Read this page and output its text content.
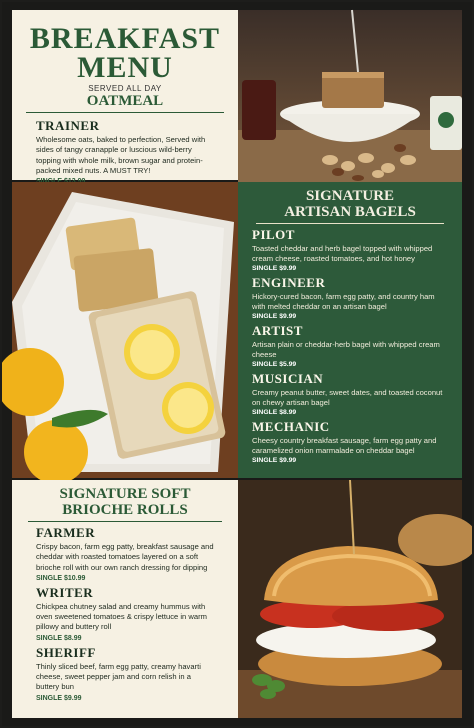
BREAKFAST
MENU
SERVED ALL DAY
OATMEAL
TRAINER

Wholesome oats, baked to perfection, Served with sides of tangy cranapple or luscious wild-berry topping with whole milk, brown sugar and protein-packed mixed nuts. A MUST TRY!

SIGNATURE
ARTISAN BAGELS
PILOT

Toasted cheddar and herb bagel topped with whipped cream cheese, roasted tomatoes, and hot honey

SINGLE $9.99
ENGINEER

Hickory-cured bacon, farm egg patty, and country ham with melted cheddar on an artisan bagel

SINGLE $9.99
ARTIST

Artisan plain or cheddar-herb bagel with whipped cream cheese

SINGLE $5.99
MUSICIAN

Creamy peanut butter, sweet dates, and toasted coconut on chewy artisan bagel

SINGLE $8.99
MECHANIC

Cheesy country breakfast sausage, farm egg patty and caramelized onion marmalade on cheddar bagel

SINGLE $9.99
SIGNATURE SOFT
BRIOCHE ROLLS
FARMER

Crispy bacon, farm egg patty, breakfast sausage and cheddar with roasted tomatoes layered on a soft brioche roll with our own ranch dressing for dipping

SINGLE $10.99
WRITER

Chickpea chutney salad and creamy hummus with oven sweetened tomatoes & crispy lettuce in warm pillowy and buttery roll

SINGLE $8.99
SHERIFF

Thinly sliced beef, farm egg patty, creamy havarti cheese, sweet pepper jam and corn relish in a buttery bun

SINGLE $9.99
